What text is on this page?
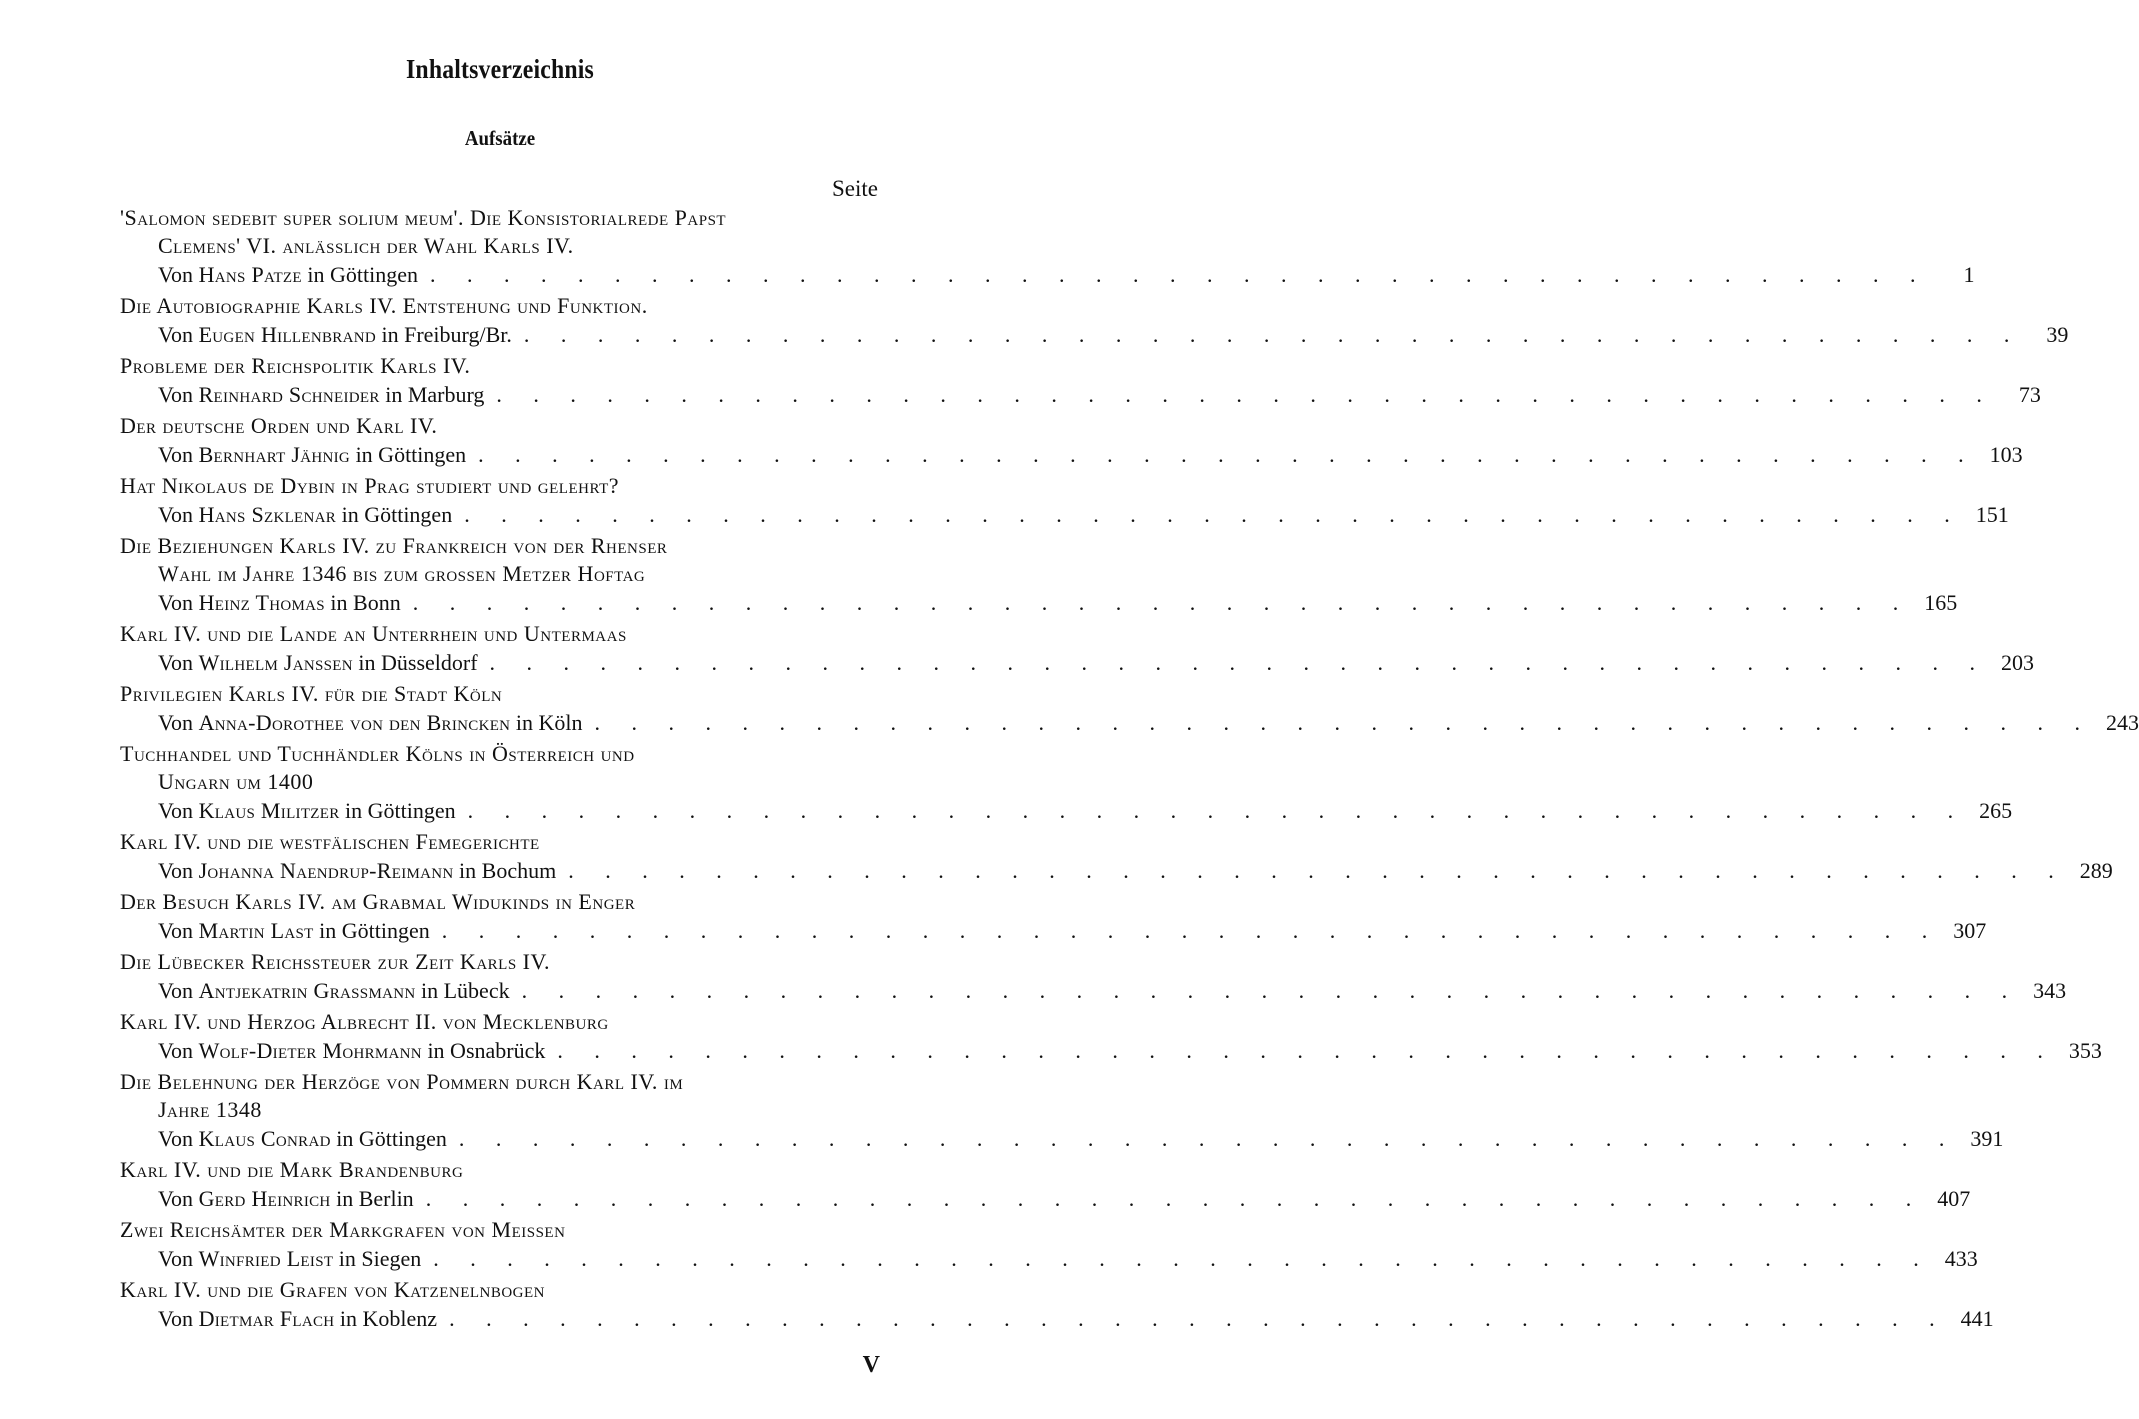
Inhaltsverzeichnis
Aufsätze
Seite
'Salomon sedebit super solium meum'. Die Konsistorialrede Papst
Clemens' VI. anlässlich der Wahl Karls IV.
Von
Hans Patze
in Göttingen . . . . . . . . . . . . . . . . . . . . . . . . . . . . . . . . . . . . . . . . .	1
Die Autobiographie Karls IV. Entstehung und Funktion.
Von
Eugen Hillenbrand
in Freiburg/Br. . . . . . . . . . . . . . . . . . . . . . . . . . . . . . . . . . . . . . . . . .	39
Probleme der Reichspolitik Karls IV.
Von
Reinhard Schneider
in Marburg . . . . . . . . . . . . . . . . . . . . . . . . . . . . . . . . . . . . . . . . .	73
Der deutsche Orden und Karl IV.
Von
Bernhart Jähnig
in Göttingen . . . . . . . . . . . . . . . . . . . . . . . . . . . . . . . . . . . . . . . . . 103
Hat Nikolaus de Dybin in Prag studiert und gelehrt?
Von
Hans Szklenar
in Göttingen . . . . . . . . . . . . . . . . . . . . . . . . . . . . . . . . . . . . . . . . . 151
Die Beziehungen Karls IV. zu Frankreich von der Rhenser
Wahl im Jahre 1346 bis zum grossen Metzer Hoftag
Von
Heinz Thomas
in Bonn . . . . . . . . . . . . . . . . . . . . . . . . . . . . . . . . . . . . . . . . . 165
Karl IV. und die Lande an Unterrhein und Untermaas
Von
Wilhelm Janssen
in Düsseldorf . . . . . . . . . . . . . . . . . . . . . . . . . . . . . . . . . . . . . . . . . 203
Privilegien Karls IV. für die Stadt Köln
Von
Anna-Dorothee von den Brincken
in Köln . . . . . . . . . . . . . . . . . . . . . . . . . . . . . . . . . . . . . . . . . 243
Tuchhandel und Tuchhändler Kölns in Österreich und
Ungarn um 1400
Von
Klaus Militzer
in Göttingen . . . . . . . . . . . . . . . . . . . . . . . . . . . . . . . . . . . . . . . . . 265
Karl IV. und die westfälischen Femegerichte
Von
Johanna Naendrup-Reimann
in Bochum . . . . . . . . . . . . . . . . . . . . . . . . . . . . . . . . . . . . . . . . . 289
Der Besuch Karls IV. am Grabmal Widukinds in Enger
Von
Martin Last
in Göttingen . . . . . . . . . . . . . . . . . . . . . . . . . . . . . . . . . . . . . . . . . 307
Die Lübecker Reichssteuer zur Zeit Karls IV.
Von
Antjekatrin Grassmann
in Lübeck . . . . . . . . . . . . . . . . . . . . . . . . . . . . . . . . . . . . . . . . . 343
Karl IV. und Herzog Albrecht II. von Mecklenburg
Von
Wolf-Dieter Mohrmann
in Osnabrück . . . . . . . . . . . . . . . . . . . . . . . . . . . . . . . . . . . . . . . . . 353
Die Belehnung der Herzöge von Pommern durch Karl IV. im
Jahre 1348
Von
Klaus Conrad
in Göttingen . . . . . . . . . . . . . . . . . . . . . . . . . . . . . . . . . . . . . . . . . 391
Karl IV. und die Mark Brandenburg
Von
Gerd Heinrich
in Berlin . . . . . . . . . . . . . . . . . . . . . . . . . . . . . . . . . . . . . . . . . 407
Zwei Reichsämter der Markgrafen von Meissen
Von
Winfried Leist
in Siegen . . . . . . . . . . . . . . . . . . . . . . . . . . . . . . . . . . . . . . . . . 433
Karl IV. und die Grafen von Katzenelnbogen
Von
Dietmar Flach
in Koblenz . . . . . . . . . . . . . . . . . . . . . . . . . . . . . . . . . . . . . . . . . 441
V
